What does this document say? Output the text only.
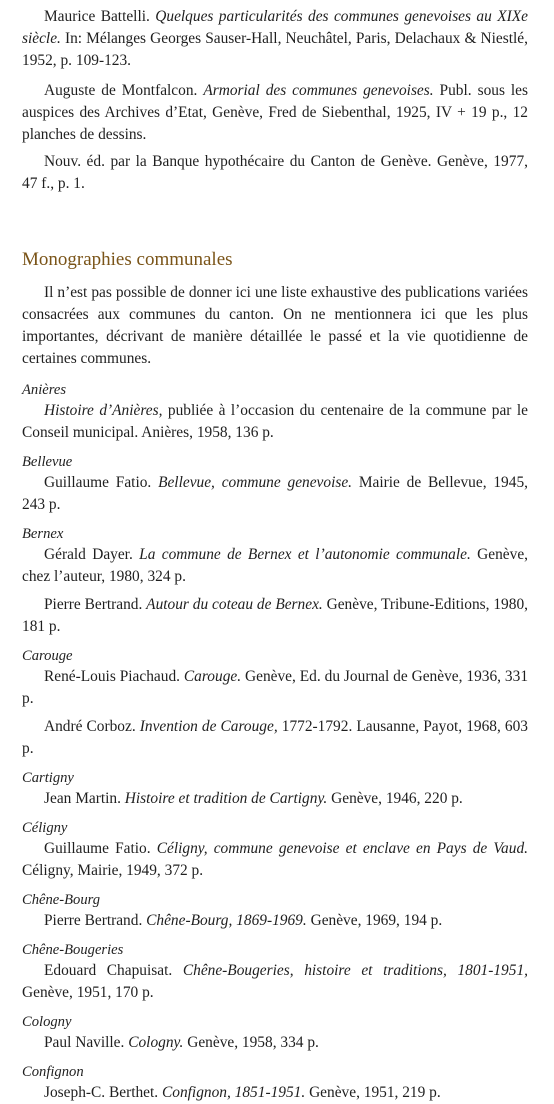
Maurice Battelli. Quelques particularités des communes genevoises au XIXe siècle. In: Mélanges Georges Sauser-Hall, Neuchâtel, Paris, Delachaux & Niestlé, 1952, p. 109-123.

Auguste de Montfalcon. Armorial des communes genevoises. Publ. sous les auspices des Archives d’Etat, Genève, Fred de Siebenthal, 1925, IV + 19 p., 12 planches de dessins.

Nouv. éd. par la Banque hypothécaire du Canton de Genève. Genève, 1977, 47 f., p. 1.

Monographies communales

Il n’est pas possible de donner ici une liste exhaustive des publications variées consacrées aux communes du canton. On ne mentionnera ici que les plus importantes, décrivant de manière détaillée le passé et la vie quotidienne de certaines communes.

Anières

Histoire d’Anières, publiée à l’occasion du centenaire de la commune par le Conseil municipal. Anières, 1958, 136 p.

Bellevue

Guillaume Fatio. Bellevue, commune genevoise. Mairie de Bellevue, 1945, 243 p.

Bernex

Gérald Dayer. La commune de Bernex et l’autonomie communale. Genève, chez l’auteur, 1980, 324 p.

Pierre Bertrand. Autour du coteau de Bernex. Genève, Tribune-Editions, 1980, 181 p.

Carouge

René-Louis Piachaud. Carouge. Genève, Ed. du Journal de Genève, 1936, 331 p.

André Corboz. Invention de Carouge, 1772-1792. Lausanne, Payot, 1968, 603 p.

Cartigny

Jean Martin. Histoire et tradition de Cartigny. Genève, 1946, 220 p.

Céligny

Guillaume Fatio. Céligny, commune genevoise et enclave en Pays de Vaud. Céligny, Mairie, 1949, 372 p.

Chêne-Bourg

Pierre Bertrand. Chêne-Bourg, 1869-1969. Genève, 1969, 194 p.

Chêne-Bougeries

Edouard Chapuisat. Chêne-Bougeries, histoire et traditions, 1801-1951, Genève, 1951, 170 p.

Cologny

Paul Naville. Cologny. Genève, 1958, 334 p.

Confignon

Joseph-C. Berthet. Confignon, 1851-1951. Genève, 1951, 219 p.
